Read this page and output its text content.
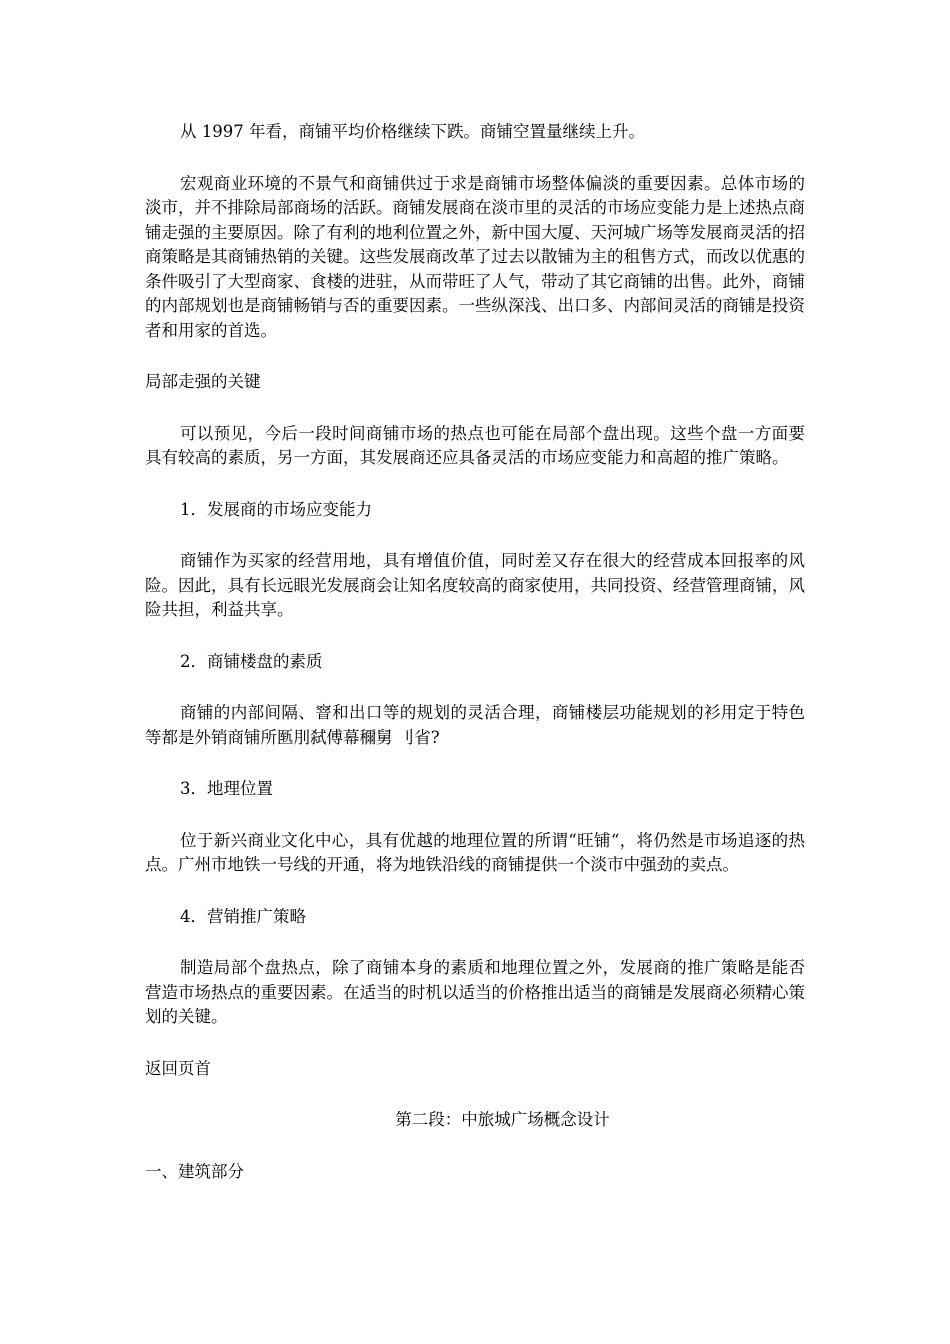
从 1997 年看，商铺平均价格继续下跌。商铺空置量继续上升。

宏观商业环境的不景气和商铺供过于求是商铺市场整体偏淡的重要因素。总体市场的淡市，并不排除局部商场的活跃。商铺发展商在淡市里的灵活的市场应变能力是上述热点商铺走强的主要原因。除了有利的地利位置之外，新中国大厦、天河城广场等发展商灵活的招商策略是其商铺热销的关键。这些发展商改革了过去以散铺为主的租售方式，而改以优惠的条件吸引了大型商家、食楼的进驻，从而带旺了人气，带动了其它商铺的出售。此外，商铺的内部规划也是商铺畅销与否的重要因素。一些纵深浅、出口多、内部间灵活的商铺是投资者和用家的首选。

局部走强的关键

可以预见，今后一段时间商铺市场的热点也可能在局部个盘出现。这些个盘一方面要具有较高的素质，另一方面，其发展商还应具备灵活的市场应变能力和高超的推广策略。

1．发展商的市场应变能力

商铺作为买家的经营用地，具有增值价值，同时差又存在很大的经营成本回报率的风险。因此，具有长远眼光发展商会让知名度较高的商家使用，共同投资、经营管理商铺，风险共担，利益共享。

2．商铺楼盘的素质

商铺的内部间隔、窨和出口等的规划的灵活合理，商铺楼层功能规划的衫用定于特色等都是外销商铺所匦刖弑傅幕穪舅 刂省?

3．地理位置

位于新兴商业文化中心，具有优越的地理位置的所谓“旺铺“，将仍然是市场追逐的热点。广州市地铁一号线的开通，将为地铁沿线的商铺提供一个淡市中强劲的卖点。

4．营销推广策略

制造局部个盘热点，除了商铺本身的素质和地理位置之外，发展商的推广策略是能否营造市场热点的重要因素。在适当的时机以适当的价格推出适当的商铺是发展商必须精心策划的关键。

返回页首

第二段：中旅城广场概念设计

一、建筑部分
